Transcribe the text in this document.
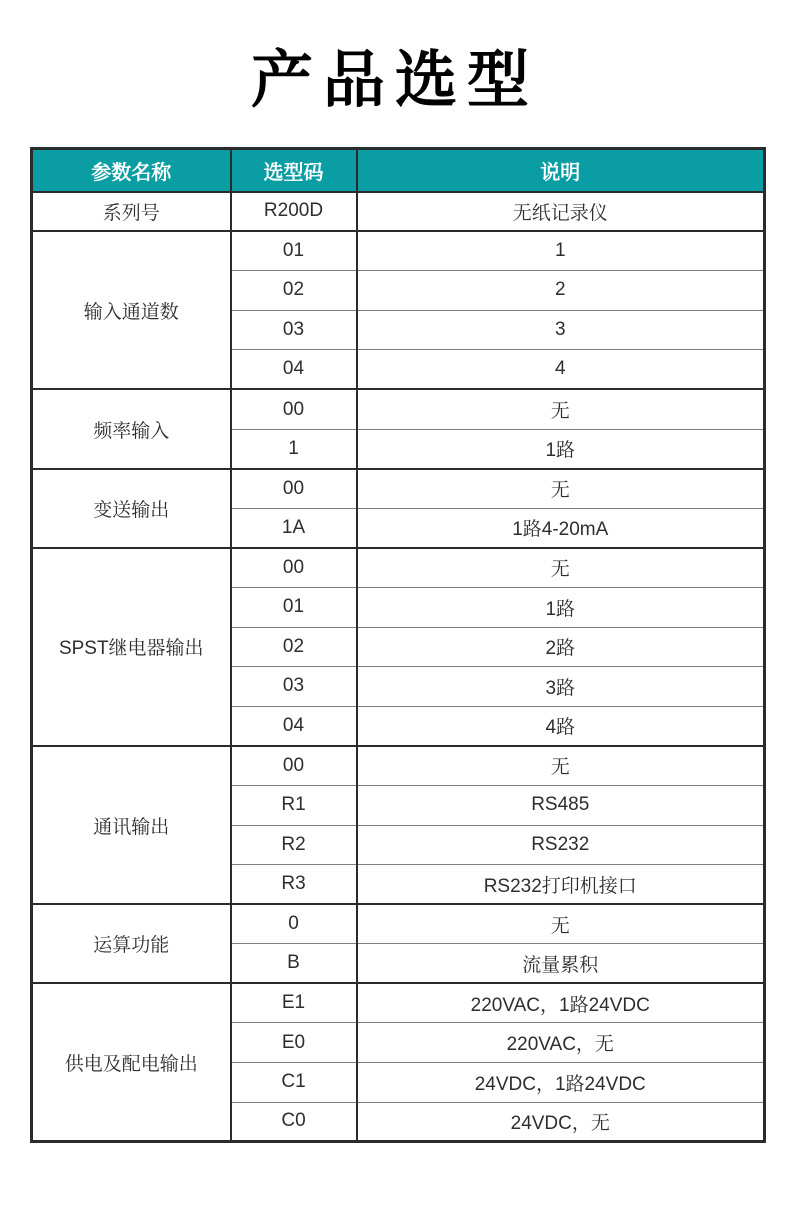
产品选型
参数名称	选型码	说明
系列号	R200D	无纸记录仪
输入通道数	01	1
	02	2
	03	3
	04	4
频率输入	00	无
	1	1路
变送输出	00	无
	1A	1路4-20mA
SPST继电器输出	00	无
	01	1路
	02	2路
	03	3路
	04	4路
通讯输出	00	无
	R1	RS485
	R2	RS232
	R3	RS232打印机接口
运算功能	0	无
	B	流量累积
供电及配电输出	E1	220VAC，1路24VDC
	E0	220VAC，无
	C1	24VDC，1路24VDC
	C0	24VDC，无
